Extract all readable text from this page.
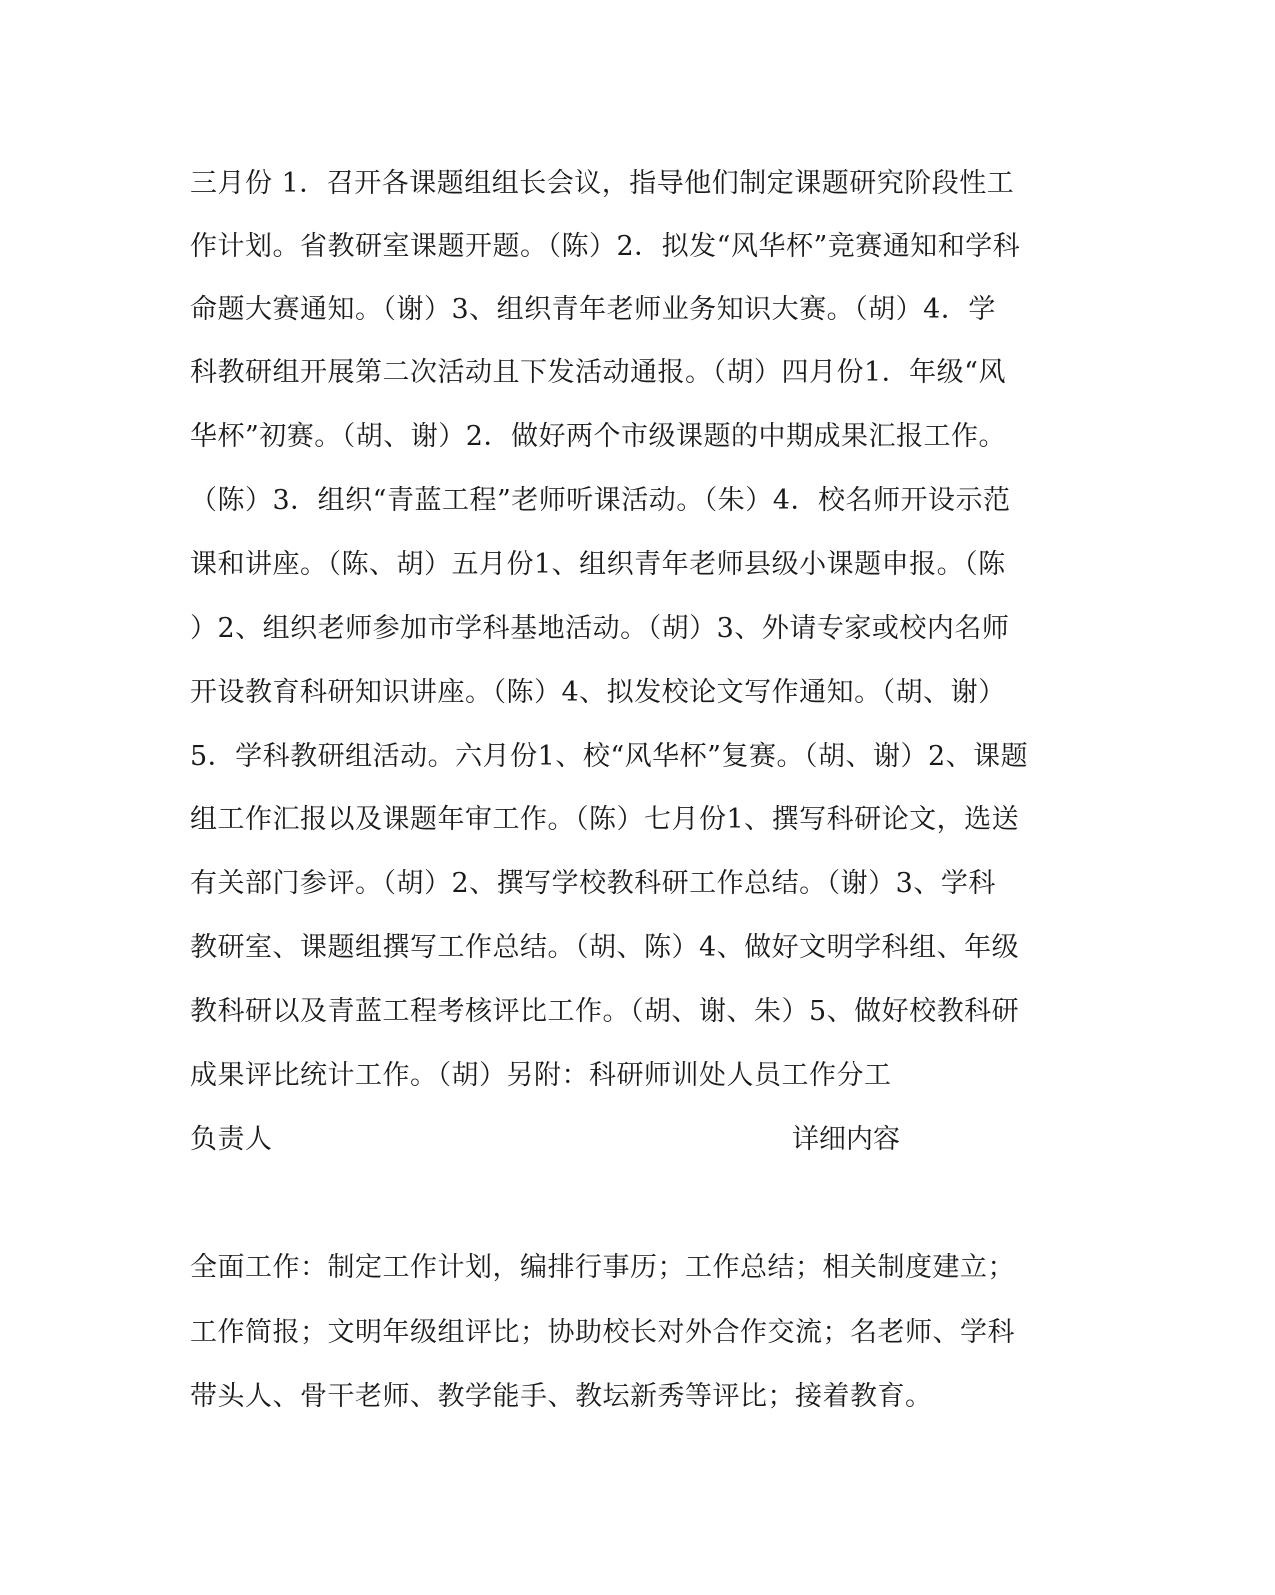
三月份 1．召开各课题组组长会议，指导他们制定课题研究阶段性工
作计划。省教研室课题开题。（陈）2．拟发“风华杯”竞赛通知和学科
命题大赛通知。（谢）3、组织青年老师业务知识大赛。（胡）4．学
科教研组开展第二次活动且下发活动通报。（胡）四月份1．年级“风
华杯”初赛。（胡、谢）2．做好两个市级课题的中期成果汇报工作。
（陈）3．组织“青蓝工程”老师听课活动。（朱）4．校名师开设示范
课和讲座。（陈、胡）五月份1、组织青年老师县级小课题申报。（陈
）2、组织老师参加市学科基地活动。（胡）3、外请专家或校内名师
开设教育科研知识讲座。（陈）4、拟发校论文写作通知。（胡、谢）
5．学科教研组活动。六月份1、校“风华杯”复赛。（胡、谢）2、课题
组工作汇报以及课题年审工作。（陈）七月份1、撰写科研论文，选送
有关部门参评。（胡）2、撰写学校教科研工作总结。（谢）3、学科
教研室、课题组撰写工作总结。（胡、陈）4、做好文明学科组、年级
教科研以及青蓝工程考核评比工作。（胡、谢、朱）5、做好校教科研
成果评比统计工作。（胡）另附：科研师训处人员工作分工
负责人	详细内容
全面工作：制定工作计划，编排行事历；工作总结；相关制度建立；
工作简报；文明年级组评比；协助校长对外合作交流；名老师、学科
带头人、骨干老师、教学能手、教坛新秀等评比；接着教育。
